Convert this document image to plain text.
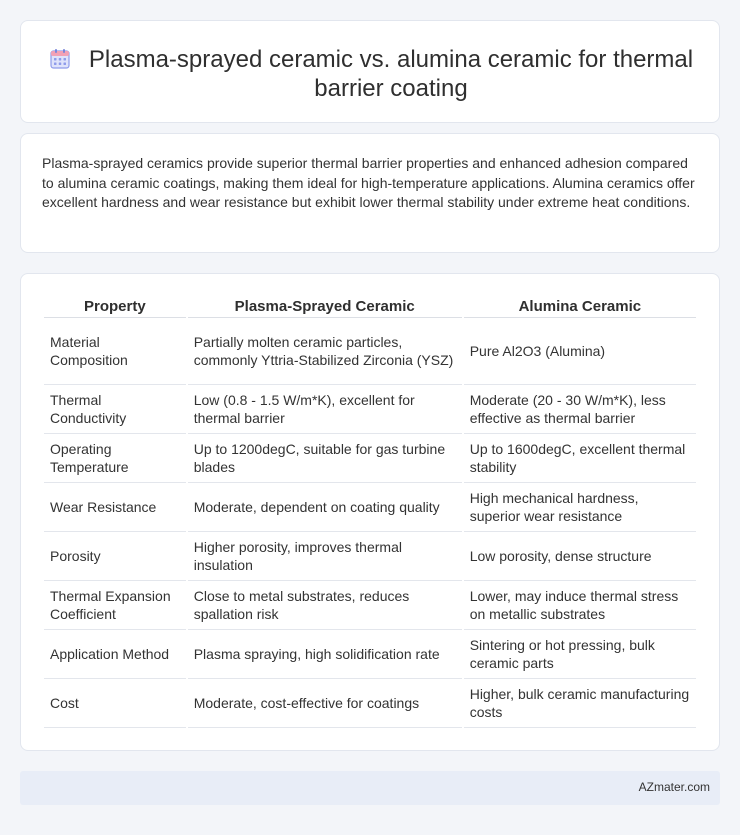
Plasma-sprayed ceramic vs. alumina ceramic for thermal barrier coating

Plasma-sprayed ceramics provide superior thermal barrier properties and enhanced adhesion compared to alumina ceramic coatings, making them ideal for high-temperature applications. Alumina ceramics offer excellent hardness and wear resistance but exhibit lower thermal stability under extreme heat conditions.

Property	Plasma-Sprayed Ceramic	Alumina Ceramic
Material Composition	Partially molten ceramic particles, commonly Yttria-Stabilized Zirconia (YSZ)	Pure Al2O3 (Alumina)
Thermal Conductivity	Low (0.8 - 1.5 W/m*K), excellent for thermal barrier	Moderate (20 - 30 W/m*K), less effective as thermal barrier
Operating Temperature	Up to 1200degC, suitable for gas turbine blades	Up to 1600degC, excellent thermal stability
Wear Resistance	Moderate, dependent on coating quality	High mechanical hardness, superior wear resistance
Porosity	Higher porosity, improves thermal insulation	Low porosity, dense structure
Thermal Expansion Coefficient	Close to metal substrates, reduces spallation risk	Lower, may induce thermal stress on metallic substrates
Application Method	Plasma spraying, high solidification rate	Sintering or hot pressing, bulk ceramic parts
Cost	Moderate, cost-effective for coatings	Higher, bulk ceramic manufacturing costs
AZmater.com
